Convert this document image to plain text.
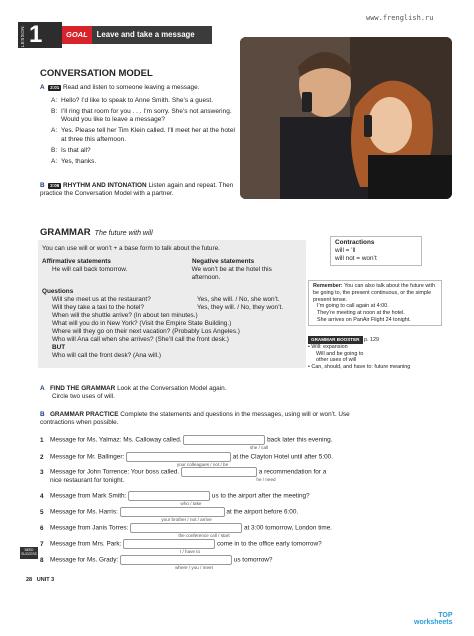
LESSON 1	GOAL	Leave and take a message
www.frenglish.ru
CONVERSATION MODEL
A 2:01 Read and listen to someone leaving a message.
A: Hello? I’d like to speak to Anne Smith. She’s a guest.
B: I’ll ring that room for you . . . I’m sorry. She’s not answering. Would you like to leave a message?
A: Yes. Please tell her Tim Klein called. I’ll meet her at the hotel at three this afternoon.
B: Is that all?
A: Yes, thanks.
B 2:06 RHYTHM AND INTONATION Listen again and repeat. Then practice the Conversation Model with a partner.
GRAMMAR The future with will
You can use will or won’t + a base form to talk about the future.
Affirmative statements	Negative statements
He will call back tomorrow.	We won’t be at the hotel this afternoon.
Questions
Will she meet us at the restaurant?	Yes, she will. / No, she won’t.
Will they take a taxi to the hotel?	Yes, they will. / No, they won’t.
When will the shuttle arrive? (In about ten minutes.)
What will you do in New York? (Visit the Empire State Building.)
Where will they go on their next vacation? (Probably Los Angeles.)
Who will Ana call when she arrives? (She’ll call the front desk.)
BUT
Who will call the front desk? (Ana will.)
Contractions
will = ’ll
will not = won’t
Remember: You can also talk about the future with be going to, the present continuous, or the simple present tense.
I’m going to call again at 4:00.
They’re meeting at noon at the hotel.
She arrives on PanAir Flight 24 tonight.
GRAMMAR BOOSTER p. 129
• Will: expansion
Will and be going to
other uses of will
• Can, should, and have to: future meaning
A FIND THE GRAMMAR Look at the Conversation Model again.
Circle two uses of will.
B GRAMMAR PRACTICE Complete the statements and questions in the messages, using will or won’t. Use contractions when possible.
1 Message for Ms. Yalmaz: Ms. Calloway called.	back later this evening.
she / call
2 Message for Mr. Ballinger:	at the Clayton Hotel until after 5:00.
your colleagues / not / be
3 Message for John Torrence: Your boss called.	a recommendation for a
nice restaurant for tonight.	he / need
4 Message from Mark Smith:	us to the airport after the meeting?
who / take
5 Message for Ms. Harris:	at the airport before 6:00.
your brother / not / arrive
6 Message from Janis Torres:	at 3:00 tomorrow, London time.
the conference call / start
7 Message from Mrs. Park:	come in to the office early tomorrow?
I / have to
8 Message for Ms. Grady:	us tomorrow?
where / you / meet
NEED SUCCESS
28 UNIT 3
TOP
worksheets
